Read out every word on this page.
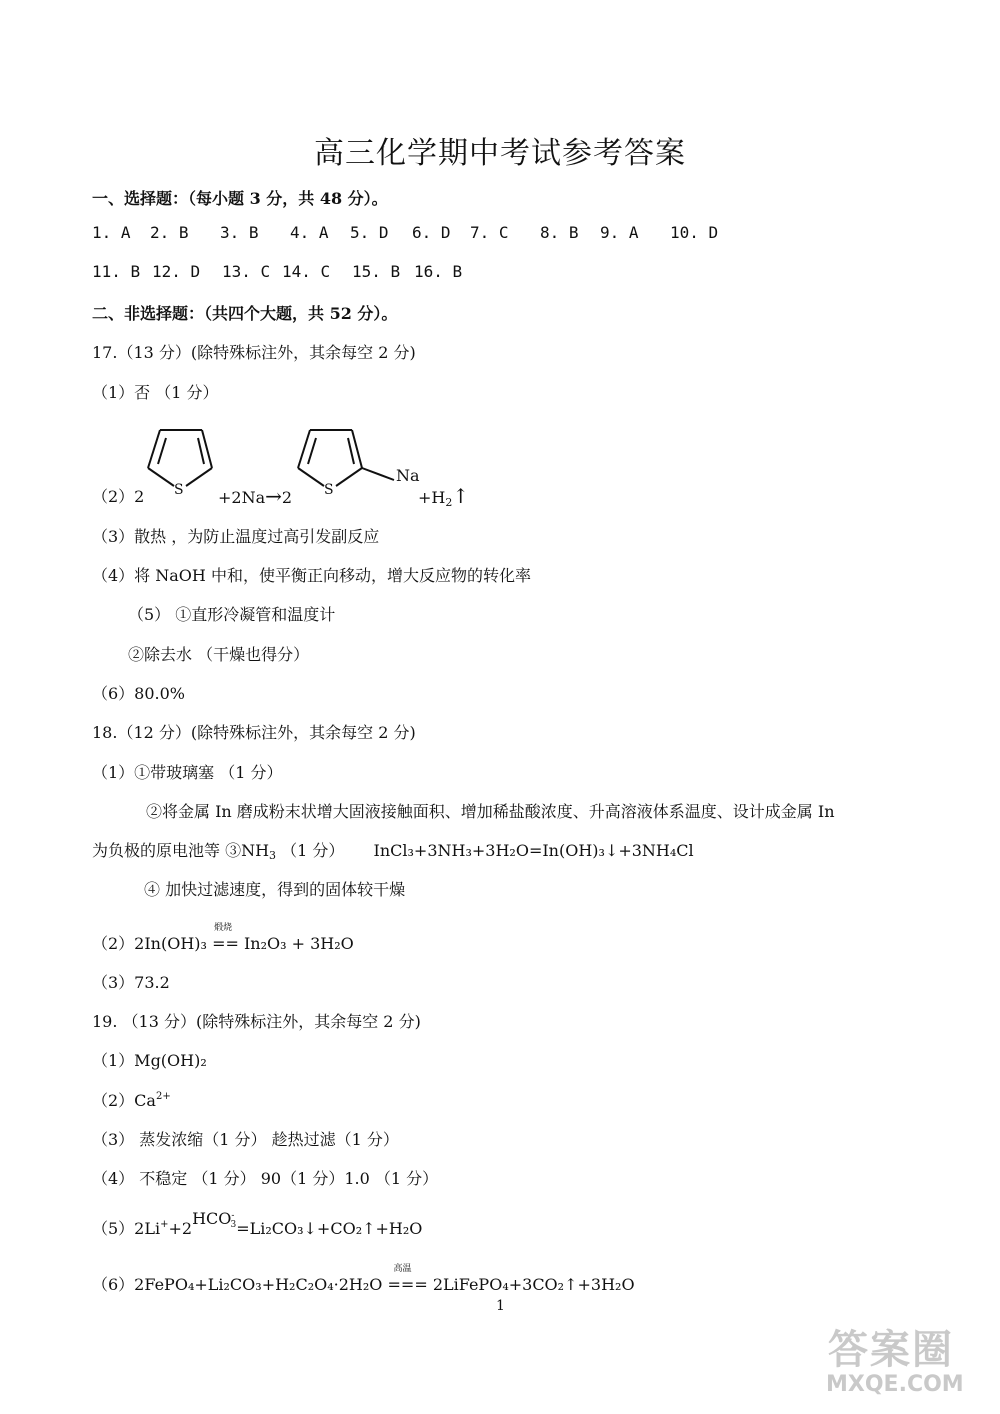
高三化学期中考试参考答案
一、选择题：（每小题 3 分，共 48 分）。
1. A 2. B 3. B 4. A 5. D 6. D 7. C 8. B 9. A 10. D
11. B 12. D 13. C 14. C 15. B 16. B
二、非选择题：（共四个大题，共 52 分）。
17.（13 分）(除特殊标注外，其余每空 2 分)
（1）否 （1 分）
S	S
Na
（2）2	+2Na→2	$+H_2↑$
（3）散热 ，为防止温度过高引发副反应
（4）将 NaOH 中和，使平衡正向移动，增大反应物的转化率
（5） ①直形冷凝管和温度计
②除去水 （干燥也得分）
（6）80.0%
18.（12 分）(除特殊标注外，其余每空 2 分)
（1）①带玻璃塞 （1 分）
②将金属 In 磨成粉末状增大固液接触面积、增加稀盐酸浓度、升高溶液体系温度、设计成金属 In
为负极的原电池等 $③NH_3$ （1 分） InCl₃+3NH₃+3H₂O=In(OH)₃↓+3NH₄Cl
④ 加快过滤速度，得到的固体较干燥
（2）2In(OH)₃
煅烧
== In₂O₃ + 3H₂O
（3）73.2
19. （13 分）(除特殊标注外，其余每空 2 分)
（1）Mg(OH)₂
$(2)Ca^{2+}$
（3） 蒸发浓缩（1 分） 趁热过滤（1 分）
（4） 不稳定 （1 分） 90（1 分）1.0 （1 分）
$(5)2Li^++2HCO^-_3=Li_2CO_3↓+CO_2↑+H_2O$
（6）2FePO₄+Li₂CO₃+H₂C₂O₄·2H₂O
高温
=== 2LiFePO₄+3CO₂↑+3H₂O
1
答案圈
MXQE.COM
